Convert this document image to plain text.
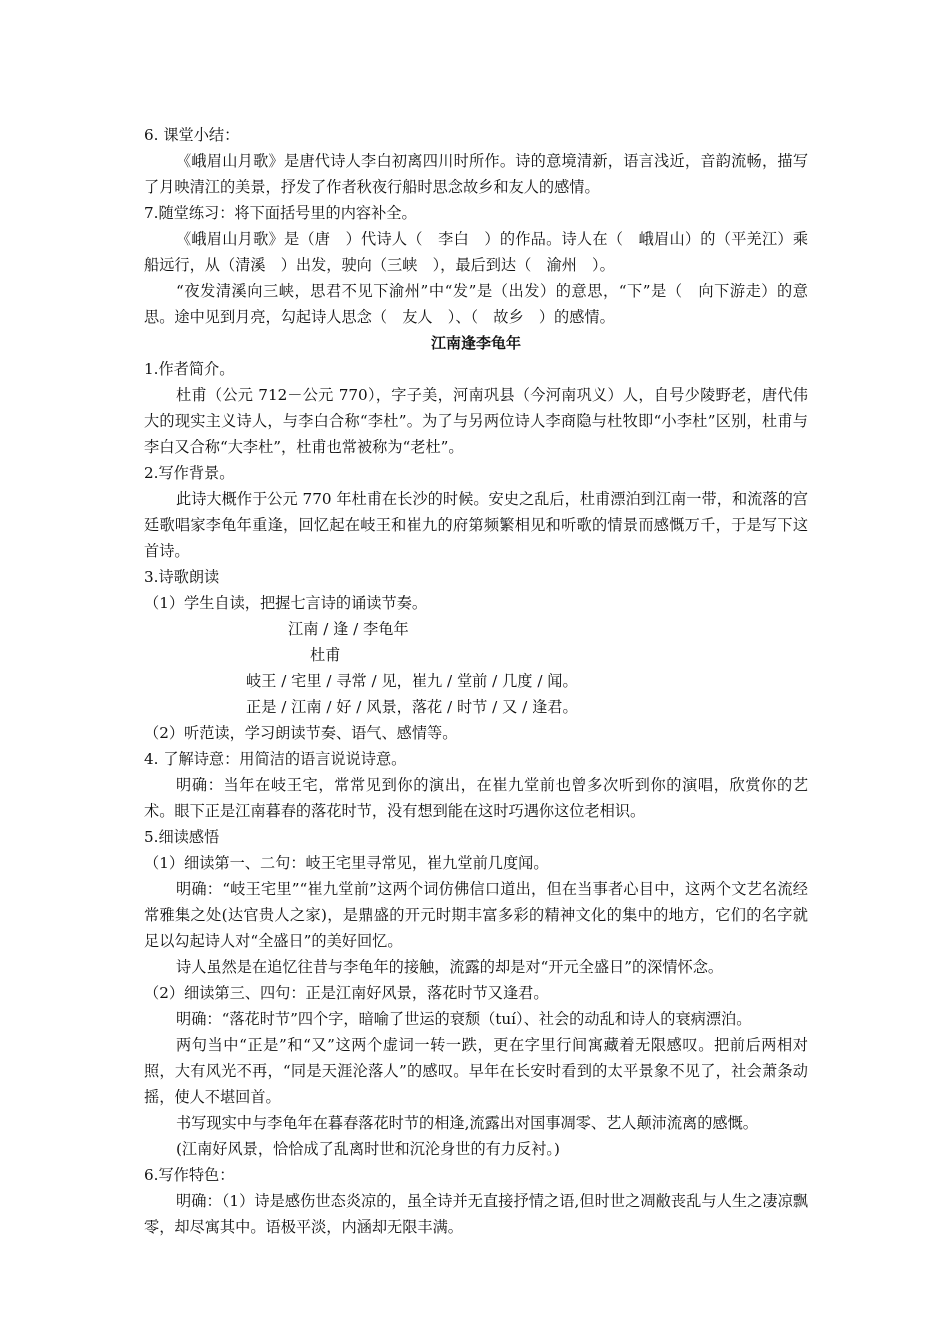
6. 课堂小结：

《峨眉山月歌》是唐代诗人李白初离四川时所作。诗的意境清新，语言浅近，音韵流畅，描写了月映清江的美景，抒发了作者秋夜行船时思念故乡和友人的感情。

7.随堂练习：将下面括号里的内容补全。

《峨眉山月歌》是（唐　）代诗人（　李白　）的作品。诗人在（　峨眉山）的（平羌江）乘船远行，从（清溪　）出发，驶向（三峡　），最后到达（　渝州　）。

“夜发清溪向三峡，思君不见下渝州”中“发”是（出发）的意思，“下”是（　向下游走）的意思。途中见到月亮，勾起诗人思念（　友人　）、（　故乡　）的感情。

江南逢李龟年

1.作者简介。

杜甫（公元 712－公元 770），字子美，河南巩县（今河南巩义）人，自号少陵野老，唐代伟大的现实主义诗人，与李白合称“李杜”。为了与另两位诗人李商隐与杜牧即“小李杜”区别，杜甫与李白又合称“大李杜”，杜甫也常被称为“老杜”。

2.写作背景。

此诗大概作于公元 770 年杜甫在长沙的时候。安史之乱后，杜甫漂泊到江南一带，和流落的宫廷歌唱家李龟年重逢，回忆起在岐王和崔九的府第频繁相见和听歌的情景而感慨万千，于是写下这首诗。

3.诗歌朗读

（1）学生自读，把握七言诗的诵读节奏。

江南 / 逢 / 李龟年

杜甫

岐王 / 宅里 / 寻常 / 见，崔九 / 堂前 / 几度 / 闻。

正是 / 江南 / 好 / 风景，落花 / 时节 / 又 / 逢君。

（2）听范读，学习朗读节奏、语气、感情等。

4. 了解诗意：用简洁的语言说说诗意。

明确：当年在岐王宅，常常见到你的演出，在崔九堂前也曾多次听到你的演唱，欣赏你的艺术。眼下正是江南暮春的落花时节，没有想到能在这时巧遇你这位老相识。

5.细读感悟

（1）细读第一、二句：岐王宅里寻常见，崔九堂前几度闻。

明确：“岐王宅里”“崔九堂前”这两个词仿佛信口道出，但在当事者心目中，这两个文艺名流经常雅集之处(达官贵人之家)，是鼎盛的开元时期丰富多彩的精神文化的集中的地方，它们的名字就足以勾起诗人对“全盛日”的美好回忆。

诗人虽然是在追忆往昔与李龟年的接触，流露的却是对“开元全盛日”的深情怀念。

（2）细读第三、四句：正是江南好风景，落花时节又逢君。

明确：“落花时节”四个字，暗喻了世运的衰颓（tuí）、社会的动乱和诗人的衰病漂泊。

两句当中“正是”和“又”这两个虚词一转一跌，更在字里行间寓藏着无限感叹。把前后两相对照，大有风光不再，“同是天涯沦落人”的感叹。早年在长安时看到的太平景象不见了，社会萧条动摇，使人不堪回首。

书写现实中与李龟年在暮春落花时节的相逢,流露出对国事凋零、艺人颠沛流离的感慨。

(江南好风景，恰恰成了乱离时世和沉沦身世的有力反衬。)

6.写作特色：

明确：（1）诗是感伤世态炎凉的，虽全诗并无直接抒情之语,但时世之凋敝丧乱与人生之凄凉飘零，却尽寓其中。语极平淡，内涵却无限丰满。
